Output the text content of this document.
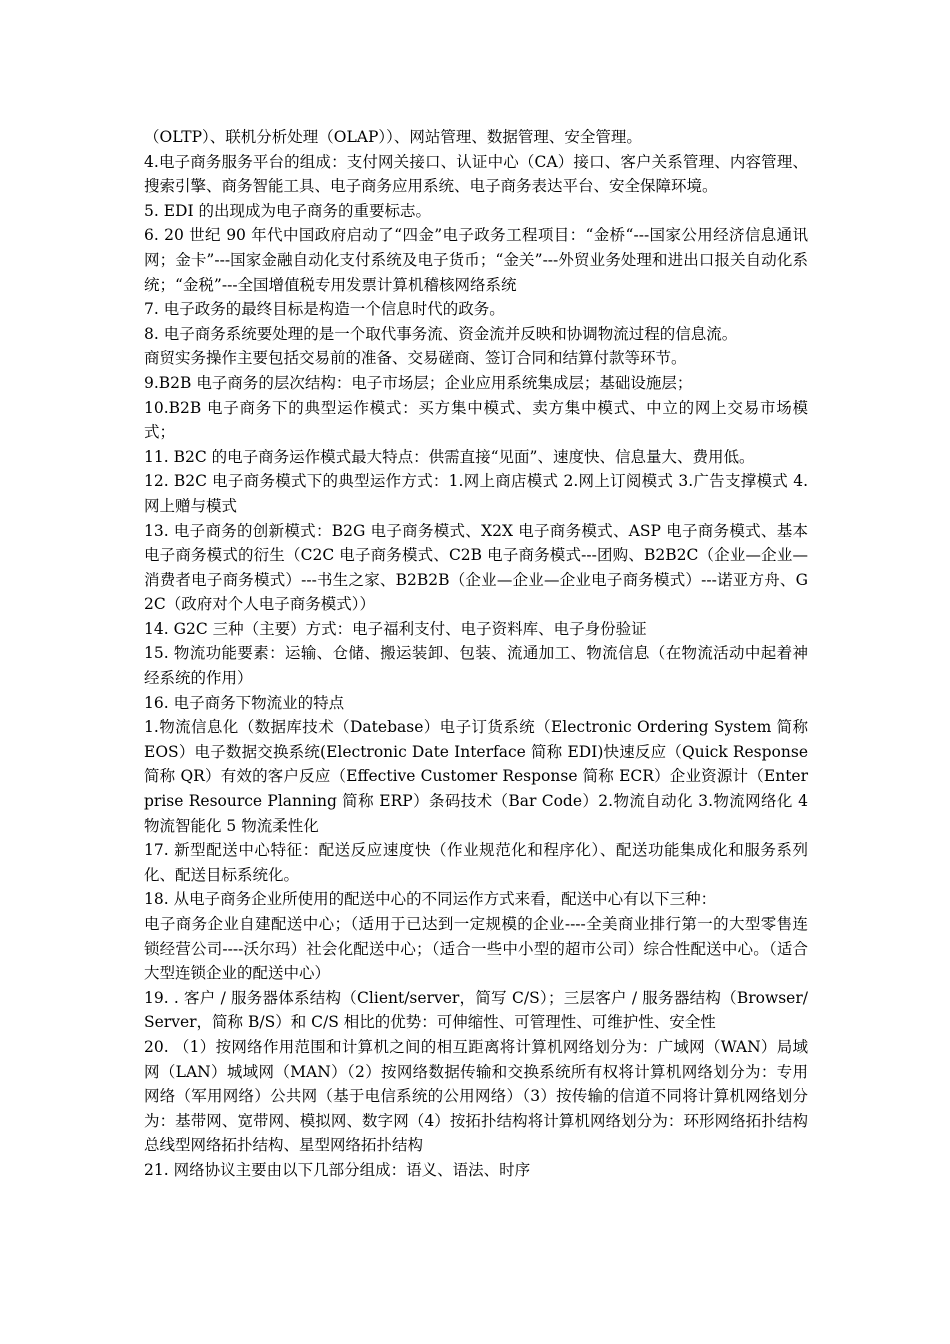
（OLTP）、联机分析处理（OLAP））、网站管理、数据管理、安全管理。

4.电子商务服务平台的组成：支付网关接口、认证中心（CA）接口、客户关系管理、内容管理、搜索引擎、商务智能工具、电子商务应用系统、电子商务表达平台、安全保障环境。

5. EDI 的出现成为电子商务的重要标志。

6. 20 世纪 90 年代中国政府启动了“四金”电子政务工程项目：“金桥“---国家公用经济信息通讯网；金卡”---国家金融自动化支付系统及电子货币；“金关”---外贸业务处理和进出口报关自动化系统；“金税”---全国增值税专用发票计算机稽核网络系统

7. 电子政务的最终目标是构造一个信息时代的政务。

8. 电子商务系统要处理的是一个取代事务流、资金流并反映和协调物流过程的信息流。

商贸实务操作主要包括交易前的准备、交易磋商、签订合同和结算付款等环节。

9.B2B 电子商务的层次结构：电子市场层；企业应用系统集成层；基础设施层；

10.B2B 电子商务下的典型运作模式：买方集中模式、卖方集中模式、中立的网上交易市场模式；

11. B2C 的电子商务运作模式最大特点：供需直接“见面”、速度快、信息量大、费用低。

12. B2C 电子商务模式下的典型运作方式：1.网上商店模式 2.网上订阅模式 3.广告支撑模式 4.网上赠与模式

13. 电子商务的创新模式：B2G 电子商务模式、X2X 电子商务模式、ASP 电子商务模式、基本电子商务模式的衍生（C2C 电子商务模式、C2B 电子商务模式---团购、B2B2C（企业—企业—消费者电子商务模式）---书生之家、B2B2B（企业—企业—企业电子商务模式）---诺亚方舟、G2C（政府对个人电子商务模式））

14. G2C 三种（主要）方式：电子福利支付、电子资料库、电子身份验证

15. 物流功能要素：运输、仓储、搬运装卸、包装、流通加工、物流信息（在物流活动中起着神经系统的作用）

16. 电子商务下物流业的特点

1.物流信息化（数据库技术（Datebase）电子订货系统（Electronic Ordering System 简称 EOS）电子数据交换系统(Electronic Date Interface 简称 EDI)快速反应（Quick Response 简称 QR）有效的客户反应（Effective Customer Response 简称 ECR）企业资源计（Enterprise Resource Planning 简称 ERP）条码技术（Bar Code）2.物流自动化 3.物流网络化 4 物流智能化 5 物流柔性化

17. 新型配送中心特征：配送反应速度快（作业规范化和程序化）、配送功能集成化和服务系列化、配送目标系统化。

18. 从电子商务企业所使用的配送中心的不同运作方式来看，配送中心有以下三种：

电子商务企业自建配送中心；（适用于已达到一定规模的企业----全美商业排行第一的大型零售连锁经营公司----沃尔玛）社会化配送中心；（适合一些中小型的超市公司）综合性配送中心。（适合大型连锁企业的配送中心）

19. . 客户 / 服务器体系结构（Client/server，简写 C/S）；三层客户 / 服务器结构（Browser/Server，简称 B/S）和 C/S 相比的优势：可伸缩性、可管理性、可维护性、安全性

20. （1）按网络作用范围和计算机之间的相互距离将计算机网络划分为：广域网（WAN）局域网（LAN）城域网（MAN）（2）按网络数据传输和交换系统所有权将计算机网络划分为：专用网络（军用网络）公共网（基于电信系统的公用网络）（3）按传输的信道不同将计算机网络划分为：基带网、宽带网、模拟网、数字网（4）按拓扑结构将计算机网络划分为：环形网络拓扑结构总线型网络拓扑结构、星型网络拓扑结构

21. 网络协议主要由以下几部分组成：语义、语法、时序
